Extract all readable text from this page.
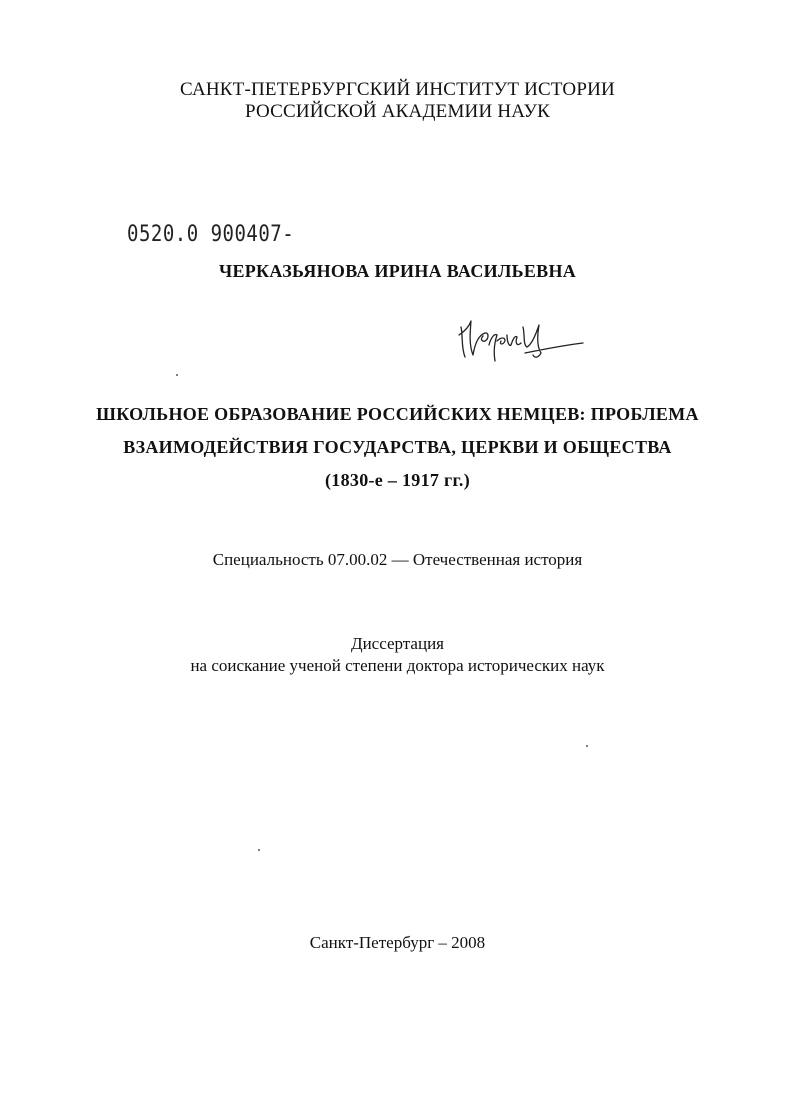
САНКТ-ПЕТЕРБУРГСКИЙ ИНСТИТУТ ИСТОРИИ
РОССИЙСКОЙ АКАДЕМИИ НАУК
0520.0 900407-
ЧЕРКАЗЬЯНОВА ИРИНА ВАСИЛЬЕВНА
ШКОЛЬНОЕ ОБРАЗОВАНИЕ РОССИЙСКИХ НЕМЦЕВ: ПРОБЛЕМА
ВЗАИМОДЕЙСТВИЯ ГОСУДАРСТВА, ЦЕРКВИ И ОБЩЕСТВА
(1830-е – 1917 гг.)
Специальность 07.00.02 — Отечественная история
Диссертация
на соискание ученой степени доктора исторических наук
Санкт-Петербург – 2008
